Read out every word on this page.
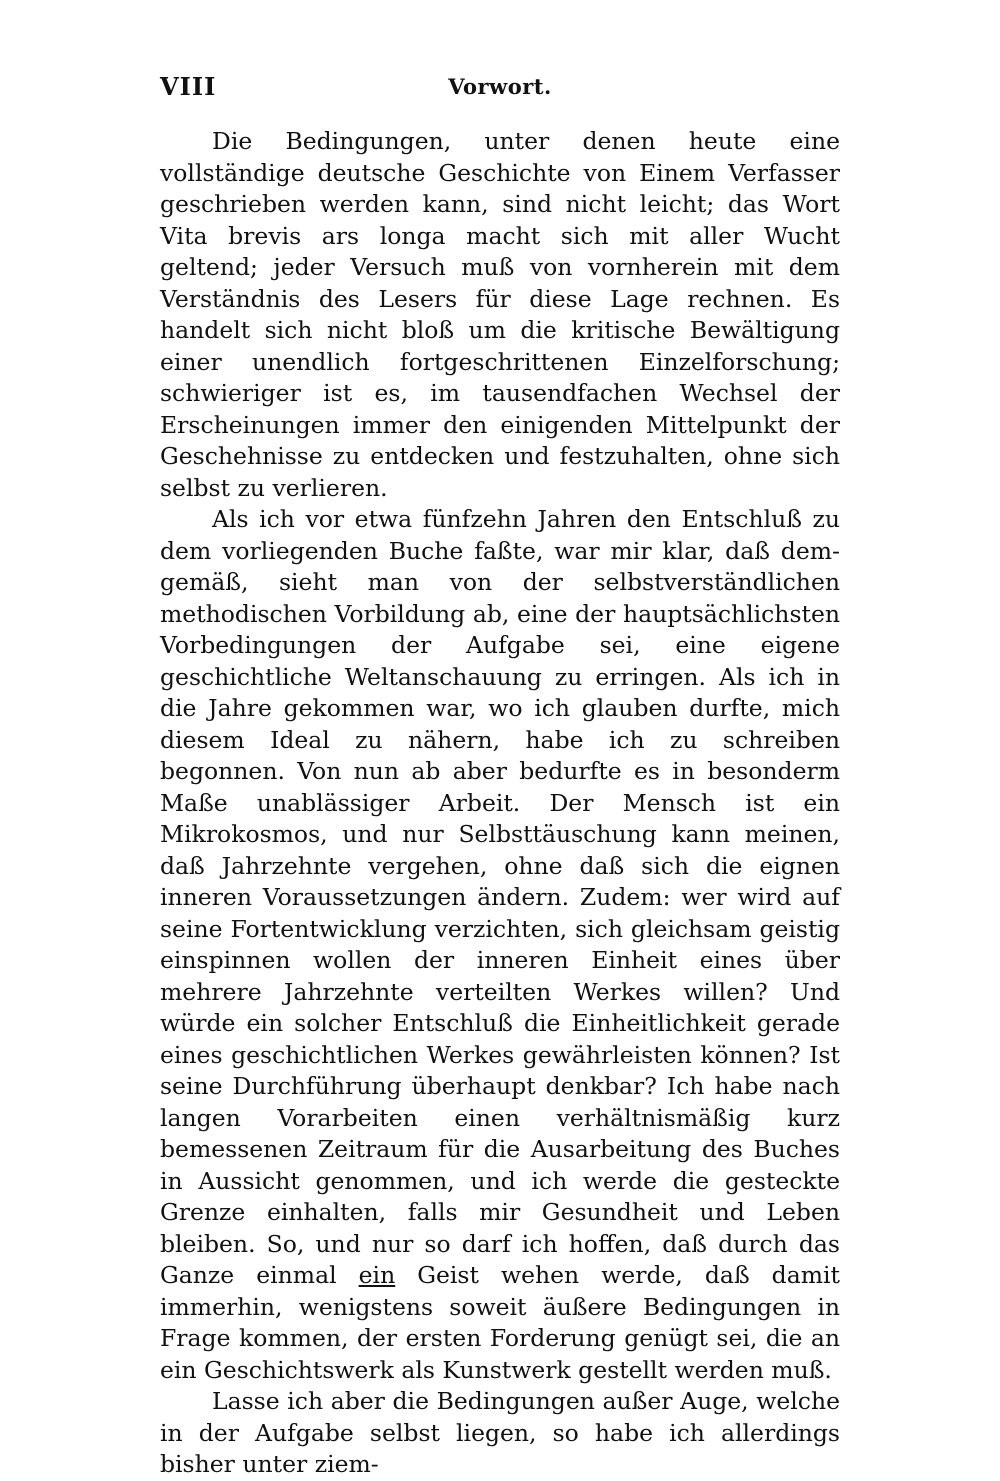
VIII	Vorwort.

Die Bedingungen, unter denen heute eine vollständige deutsche Geschichte von Einem Verfasser geschrieben werden kann, sind nicht leicht; das Wort Vita brevis ars longa macht sich mit aller Wucht geltend; jeder Versuch muß von vornherein mit dem Verständnis des Lesers für diese Lage rechnen. Es handelt sich nicht bloß um die kritische Bewältigung einer unendlich fortgeschrittenen Einzelforschung; schwieriger ist es, im tausendfachen Wechsel der Erscheinungen immer den einigenden Mittelpunkt der Geschehnisse zu entdecken und festzuhalten, ohne sich selbst zu verlieren.

Als ich vor etwa fünfzehn Jahren den Entschluß zu dem vorliegenden Buche faßte, war mir klar, daß demgemäß, sieht man von der selbstverständlichen methodischen Vorbildung ab, eine der hauptsächlichsten Vorbedingungen der Aufgabe sei, eine eigene geschichtliche Weltanschauung zu erringen. Als ich in die Jahre gekommen war, wo ich glauben durfte, mich diesem Ideal zu nähern, habe ich zu schreiben begonnen. Von nun ab aber bedurfte es in besonderm Maße unablässiger Arbeit. Der Mensch ist ein Mikrokosmos, und nur Selbsttäuschung kann meinen, daß Jahrzehnte vergehen, ohne daß sich die eignen inneren Voraussetzungen ändern. Zudem: wer wird auf seine Fortentwicklung verzichten, sich gleichsam geistig einspinnen wollen der inneren Einheit eines über mehrere Jahrzehnte verteilten Werkes willen? Und würde ein solcher Entschluß die Einheitlichkeit gerade eines geschichtlichen Werkes gewährleisten können? Ist seine Durchführung überhaupt denkbar? Ich habe nach langen Vorarbeiten einen verhältnismäßig kurz bemessenen Zeitraum für die Ausarbeitung des Buches in Aussicht genommen, und ich werde die gesteckte Grenze einhalten, falls mir Gesundheit und Leben bleiben. So, und nur so darf ich hoffen, daß durch das Ganze einmal ein Geist wehen werde, daß damit immerhin, wenigstens soweit äußere Bedingungen in Frage kommen, der ersten Forderung genügt sei, die an ein Geschichtswerk als Kunstwerk gestellt werden muß.

Lasse ich aber die Bedingungen außer Auge, welche in der Aufgabe selbst liegen, so habe ich allerdings bisher unter ziem-
